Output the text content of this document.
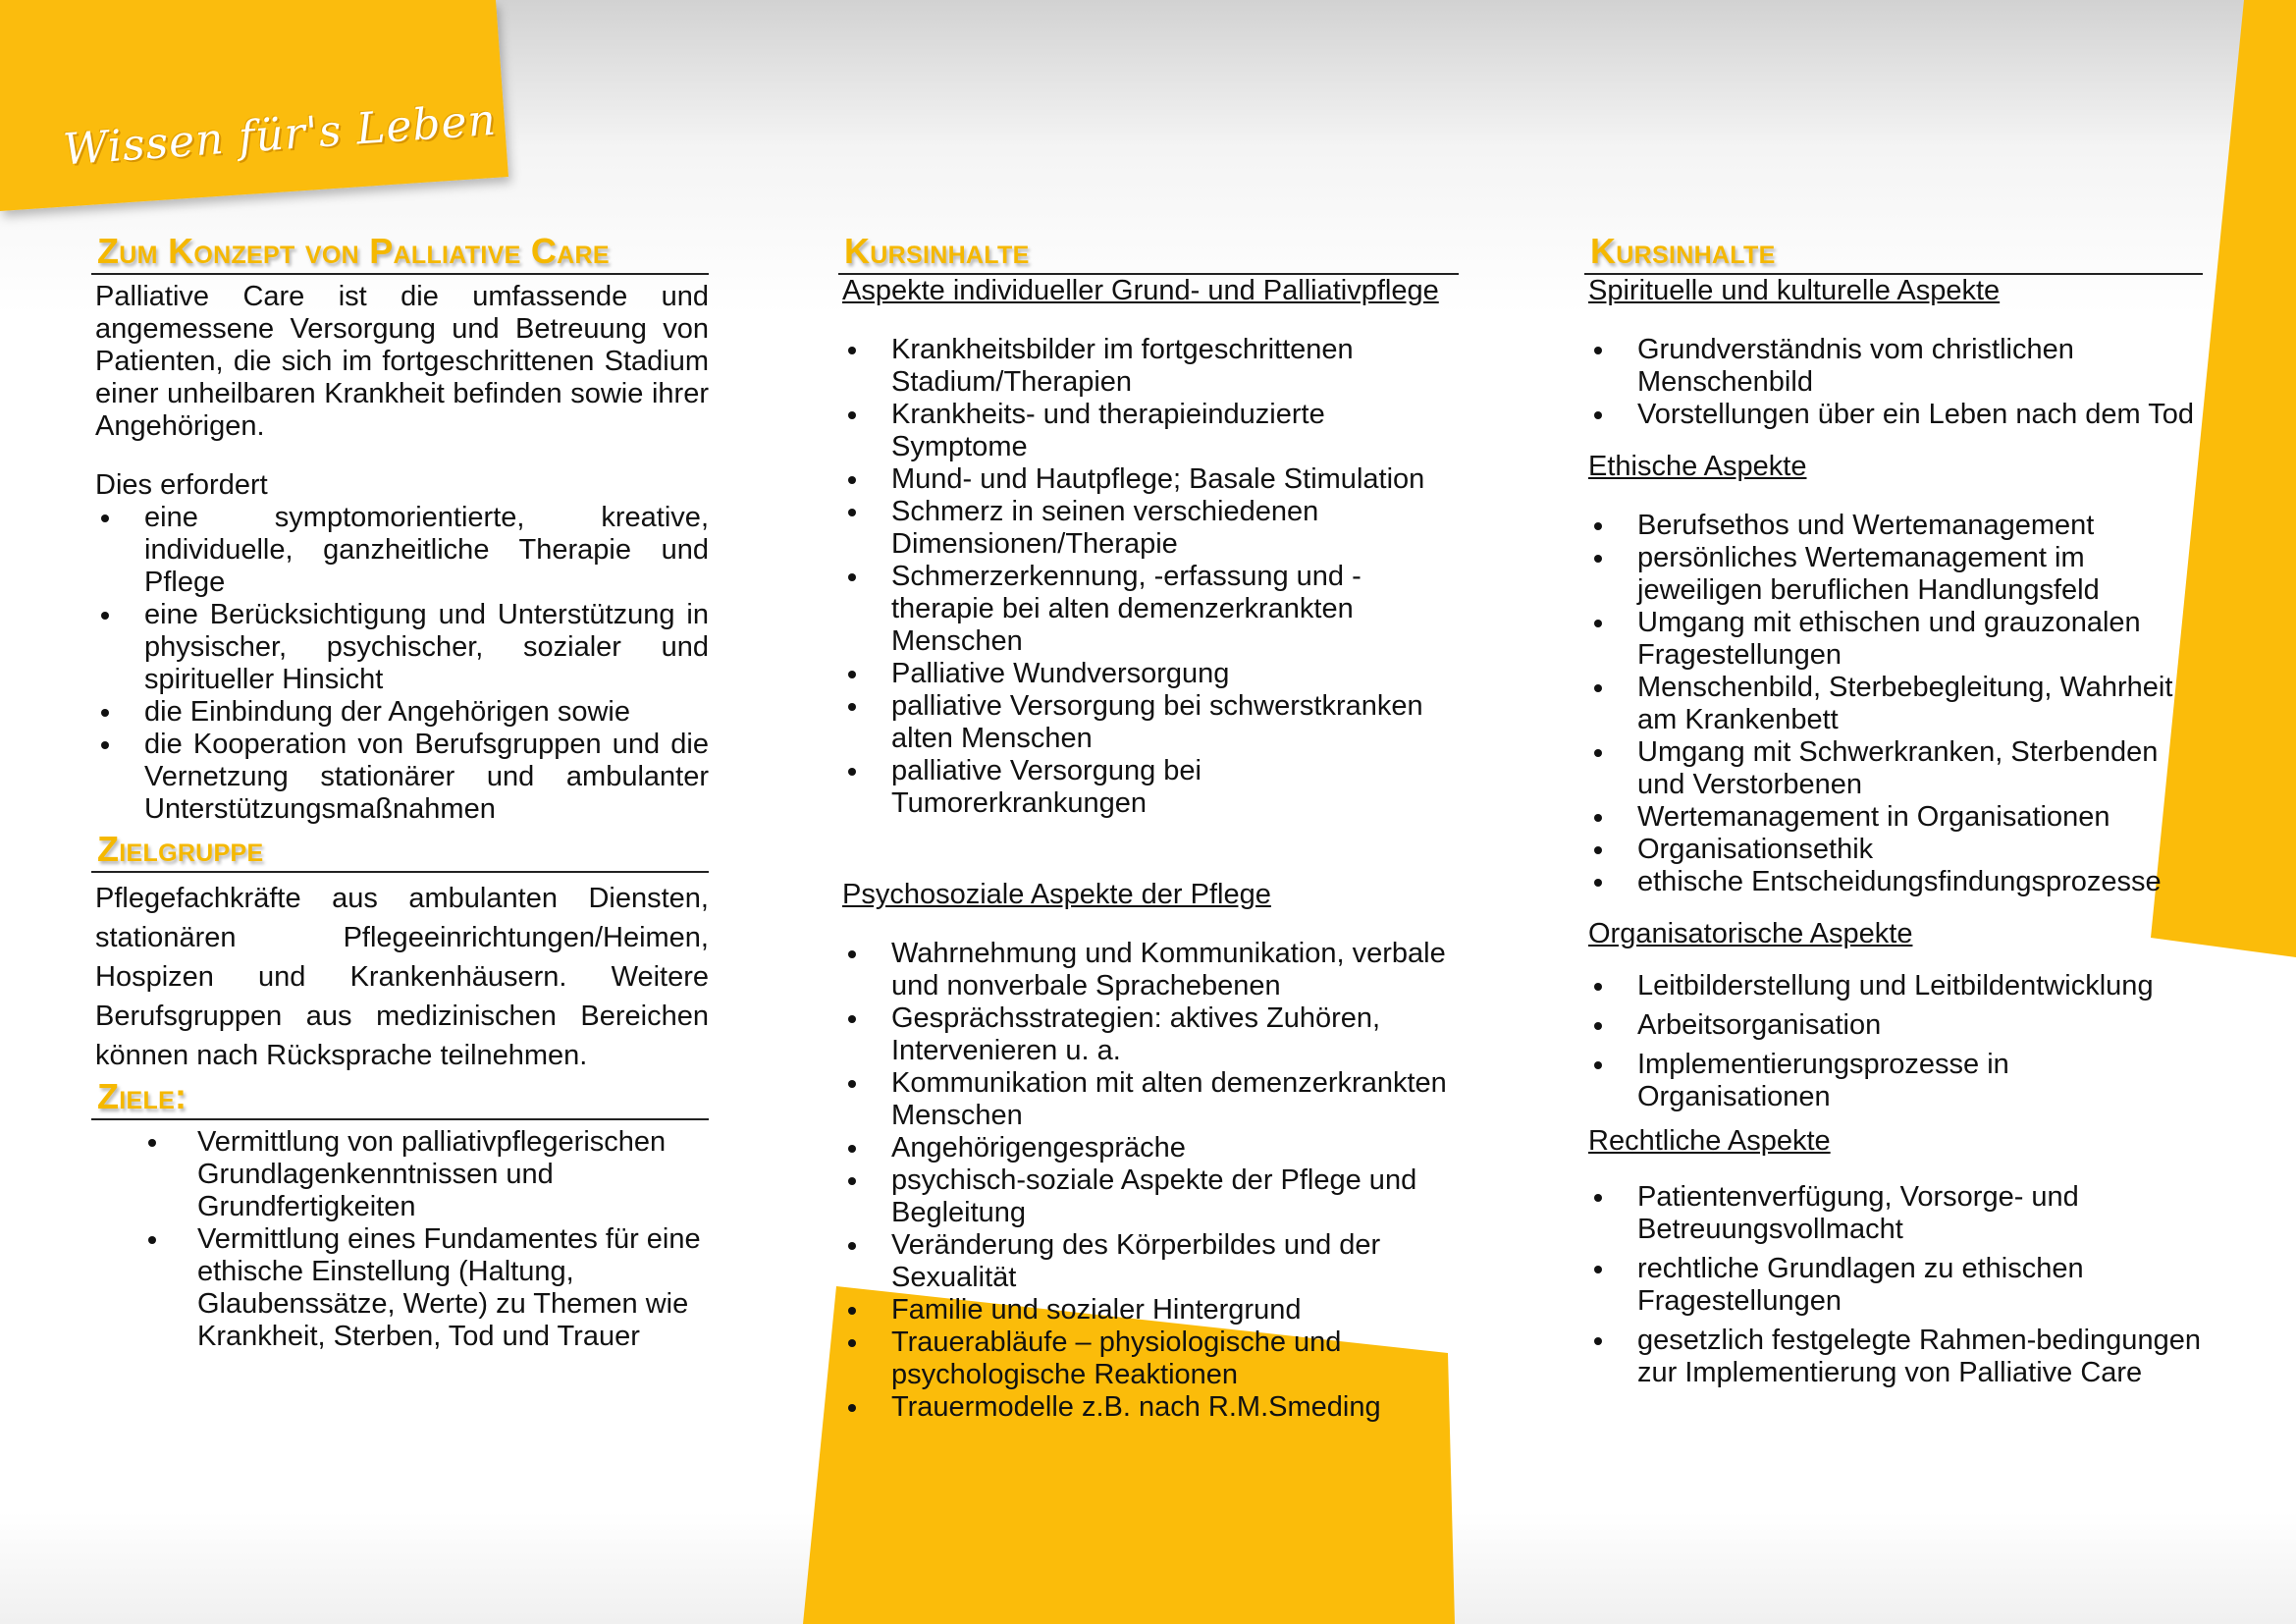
Wissen für's Leben
Zum Konzept von Palliative Care

Palliative Care ist die umfassende und angemessene Versorgung und Betreuung von Patienten, die sich im fortgeschrittenen Stadium einer unheilbaren Krankheit befinden sowie ihrer Angehörigen.

Dies erfordert

eine symptomorientierte, kreative, individuelle, ganzheitliche Therapie und Pflege
eine Berücksichtigung und Unterstützung in physischer, psychischer, sozialer und spiritueller Hinsicht
die Einbindung der Angehörigen sowie
die Kooperation von Berufsgruppen und die Vernetzung stationärer und ambulanter Unterstützungsmaßnahmen
Zielgruppe

Pflegefachkräfte aus ambulanten Diensten, stationären Pflegeeinrichtungen/Heimen, Hospizen und Krankenhäusern. Weitere Berufsgruppen aus medizinischen Bereichen können nach Rücksprache teilnehmen.

Ziele:
Vermittlung von palliativpflegerischen Grundlagenkenntnissen und Grundfertigkeiten
Vermittlung eines Fundamentes für eine ethische Einstellung (Haltung, Glaubenssätze, Werte) zu Themen wie Krankheit, Sterben, Tod und Trauer
Kursinhalte
Aspekte individueller Grund- und Palliativpflege
Krankheitsbilder im fortgeschrittenen Stadium/Therapien
Krankheits- und therapieinduzierte Symptome
Mund- und Hautpflege; Basale Stimulation
Schmerz in seinen verschiedenen Dimensionen/Therapie
Schmerzerkennung, -erfassung und -therapie bei alten demenzerkrankten Menschen
Palliative Wundversorgung
palliative Versorgung bei schwerstkranken alten Menschen
palliative Versorgung bei Tumorerkrankungen
Psychosoziale Aspekte der Pflege
Wahrnehmung und Kommunikation, verbale und nonverbale Sprachebenen
Gesprächsstrategien: aktives Zuhören, Intervenieren u. a.
Kommunikation mit alten demenzerkrankten Menschen
Angehörigengespräche
psychisch-soziale Aspekte der Pflege und Begleitung
Veränderung des Körperbildes und der Sexualität
Familie und sozialer Hintergrund
Trauerabläufe – physiologische und psychologische Reaktionen
Trauermodelle z.B. nach R.M.Smeding
Kursinhalte
Spirituelle und kulturelle Aspekte
Grundverständnis vom christlichen Menschenbild
Vorstellungen über ein Leben nach dem Tod
Ethische Aspekte
Berufsethos und Wertemanagement
persönliches Wertemanagement im jeweiligen beruflichen Handlungsfeld
Umgang mit ethischen und grauzonalen Fragestellungen
Menschenbild, Sterbebegleitung, Wahrheit am Krankenbett
Umgang mit Schwerkranken, Sterbenden und Verstorbenen
Wertemanagement in Organisationen
Organisationsethik
ethische Entscheidungsfindungsprozesse
Organisatorische Aspekte
Leitbilderstellung und Leitbildentwicklung
Arbeitsorganisation
Implementierungsprozesse in Organisationen
Rechtliche Aspekte
Patientenverfügung, Vorsorge- und Betreuungsvollmacht
rechtliche Grundlagen zu ethischen Fragestellungen
gesetzlich festgelegte Rahmen-bedingungen zur Implementierung von Palliative Care
